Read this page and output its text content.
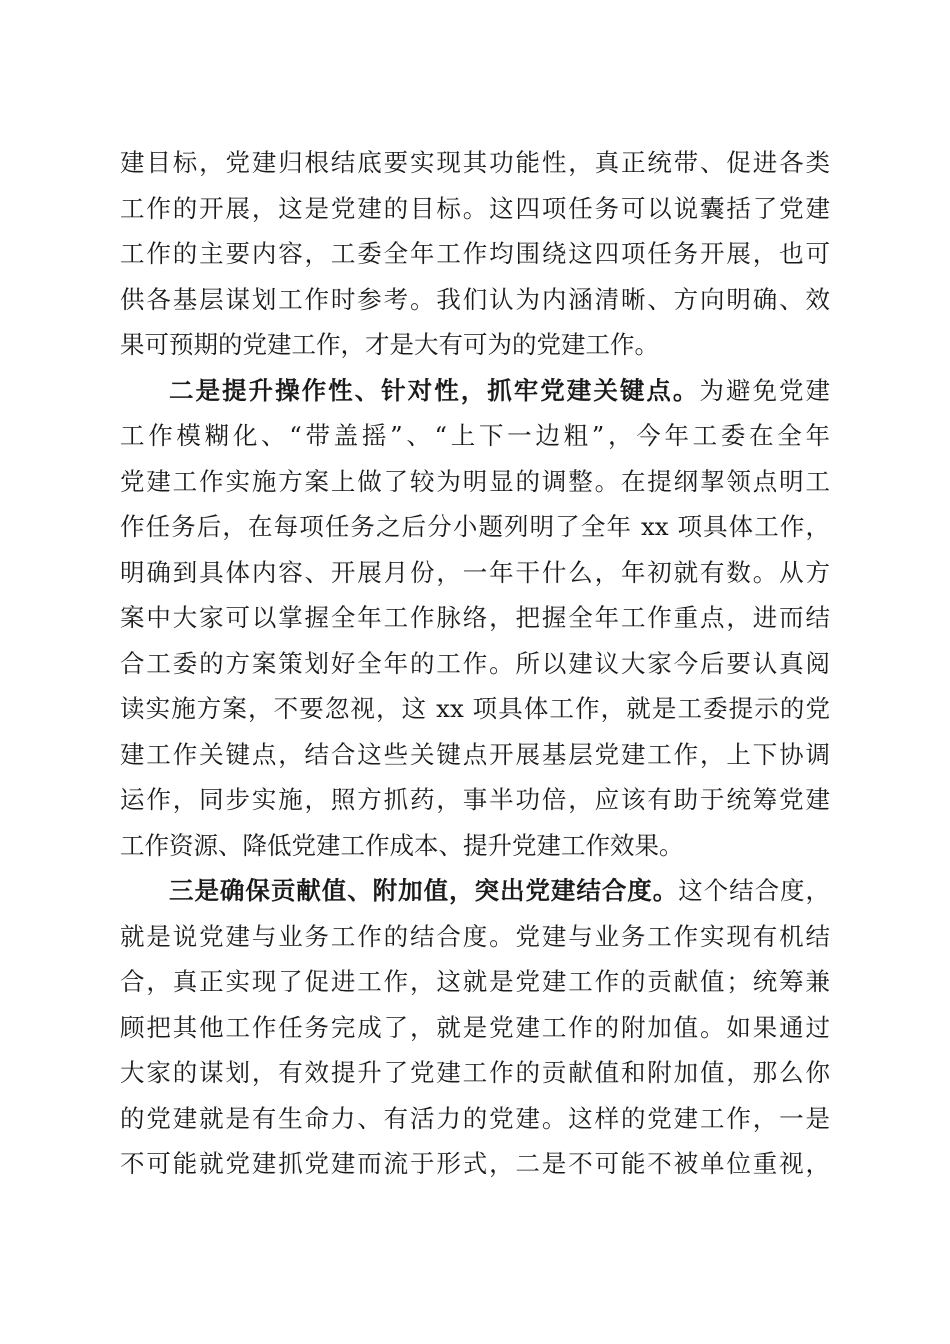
建目标，党建归根结底要实现其功能性，真正统带、促进各类
工作的开展，这是党建的目标。这四项任务可以说囊括了党建
工作的主要内容，工委全年工作均围绕这四项任务开展，也可
供各基层谋划工作时参考。我们认为内涵清晰、方向明确、效
果可预期的党建工作，才是大有可为的党建工作。
二是提升操作性、针对性，抓牢党建关键点。为避免党建
工作模糊化、“带盖摇”、“上下一边粗”，今年工委在全年
党建工作实施方案上做了较为明显的调整。在提纲挈领点明工
作任务后，在每项任务之后分小题列明了全年 xx 项具体工作，
明确到具体内容、开展月份，一年干什么，年初就有数。从方
案中大家可以掌握全年工作脉络，把握全年工作重点，进而结
合工委的方案策划好全年的工作。所以建议大家今后要认真阅
读实施方案，不要忽视，这 xx 项具体工作，就是工委提示的党
建工作关键点，结合这些关键点开展基层党建工作，上下协调
运作，同步实施，照方抓药，事半功倍，应该有助于统筹党建
工作资源、降低党建工作成本、提升党建工作效果。
三是确保贡献值、附加值，突出党建结合度。这个结合度，
就是说党建与业务工作的结合度。党建与业务工作实现有机结
合，真正实现了促进工作，这就是党建工作的贡献值；统筹兼
顾把其他工作任务完成了，就是党建工作的附加值。如果通过
大家的谋划，有效提升了党建工作的贡献值和附加值，那么你
的党建就是有生命力、有活力的党建。这样的党建工作，一是
不可能就党建抓党建而流于形式，二是不可能不被单位重视，
